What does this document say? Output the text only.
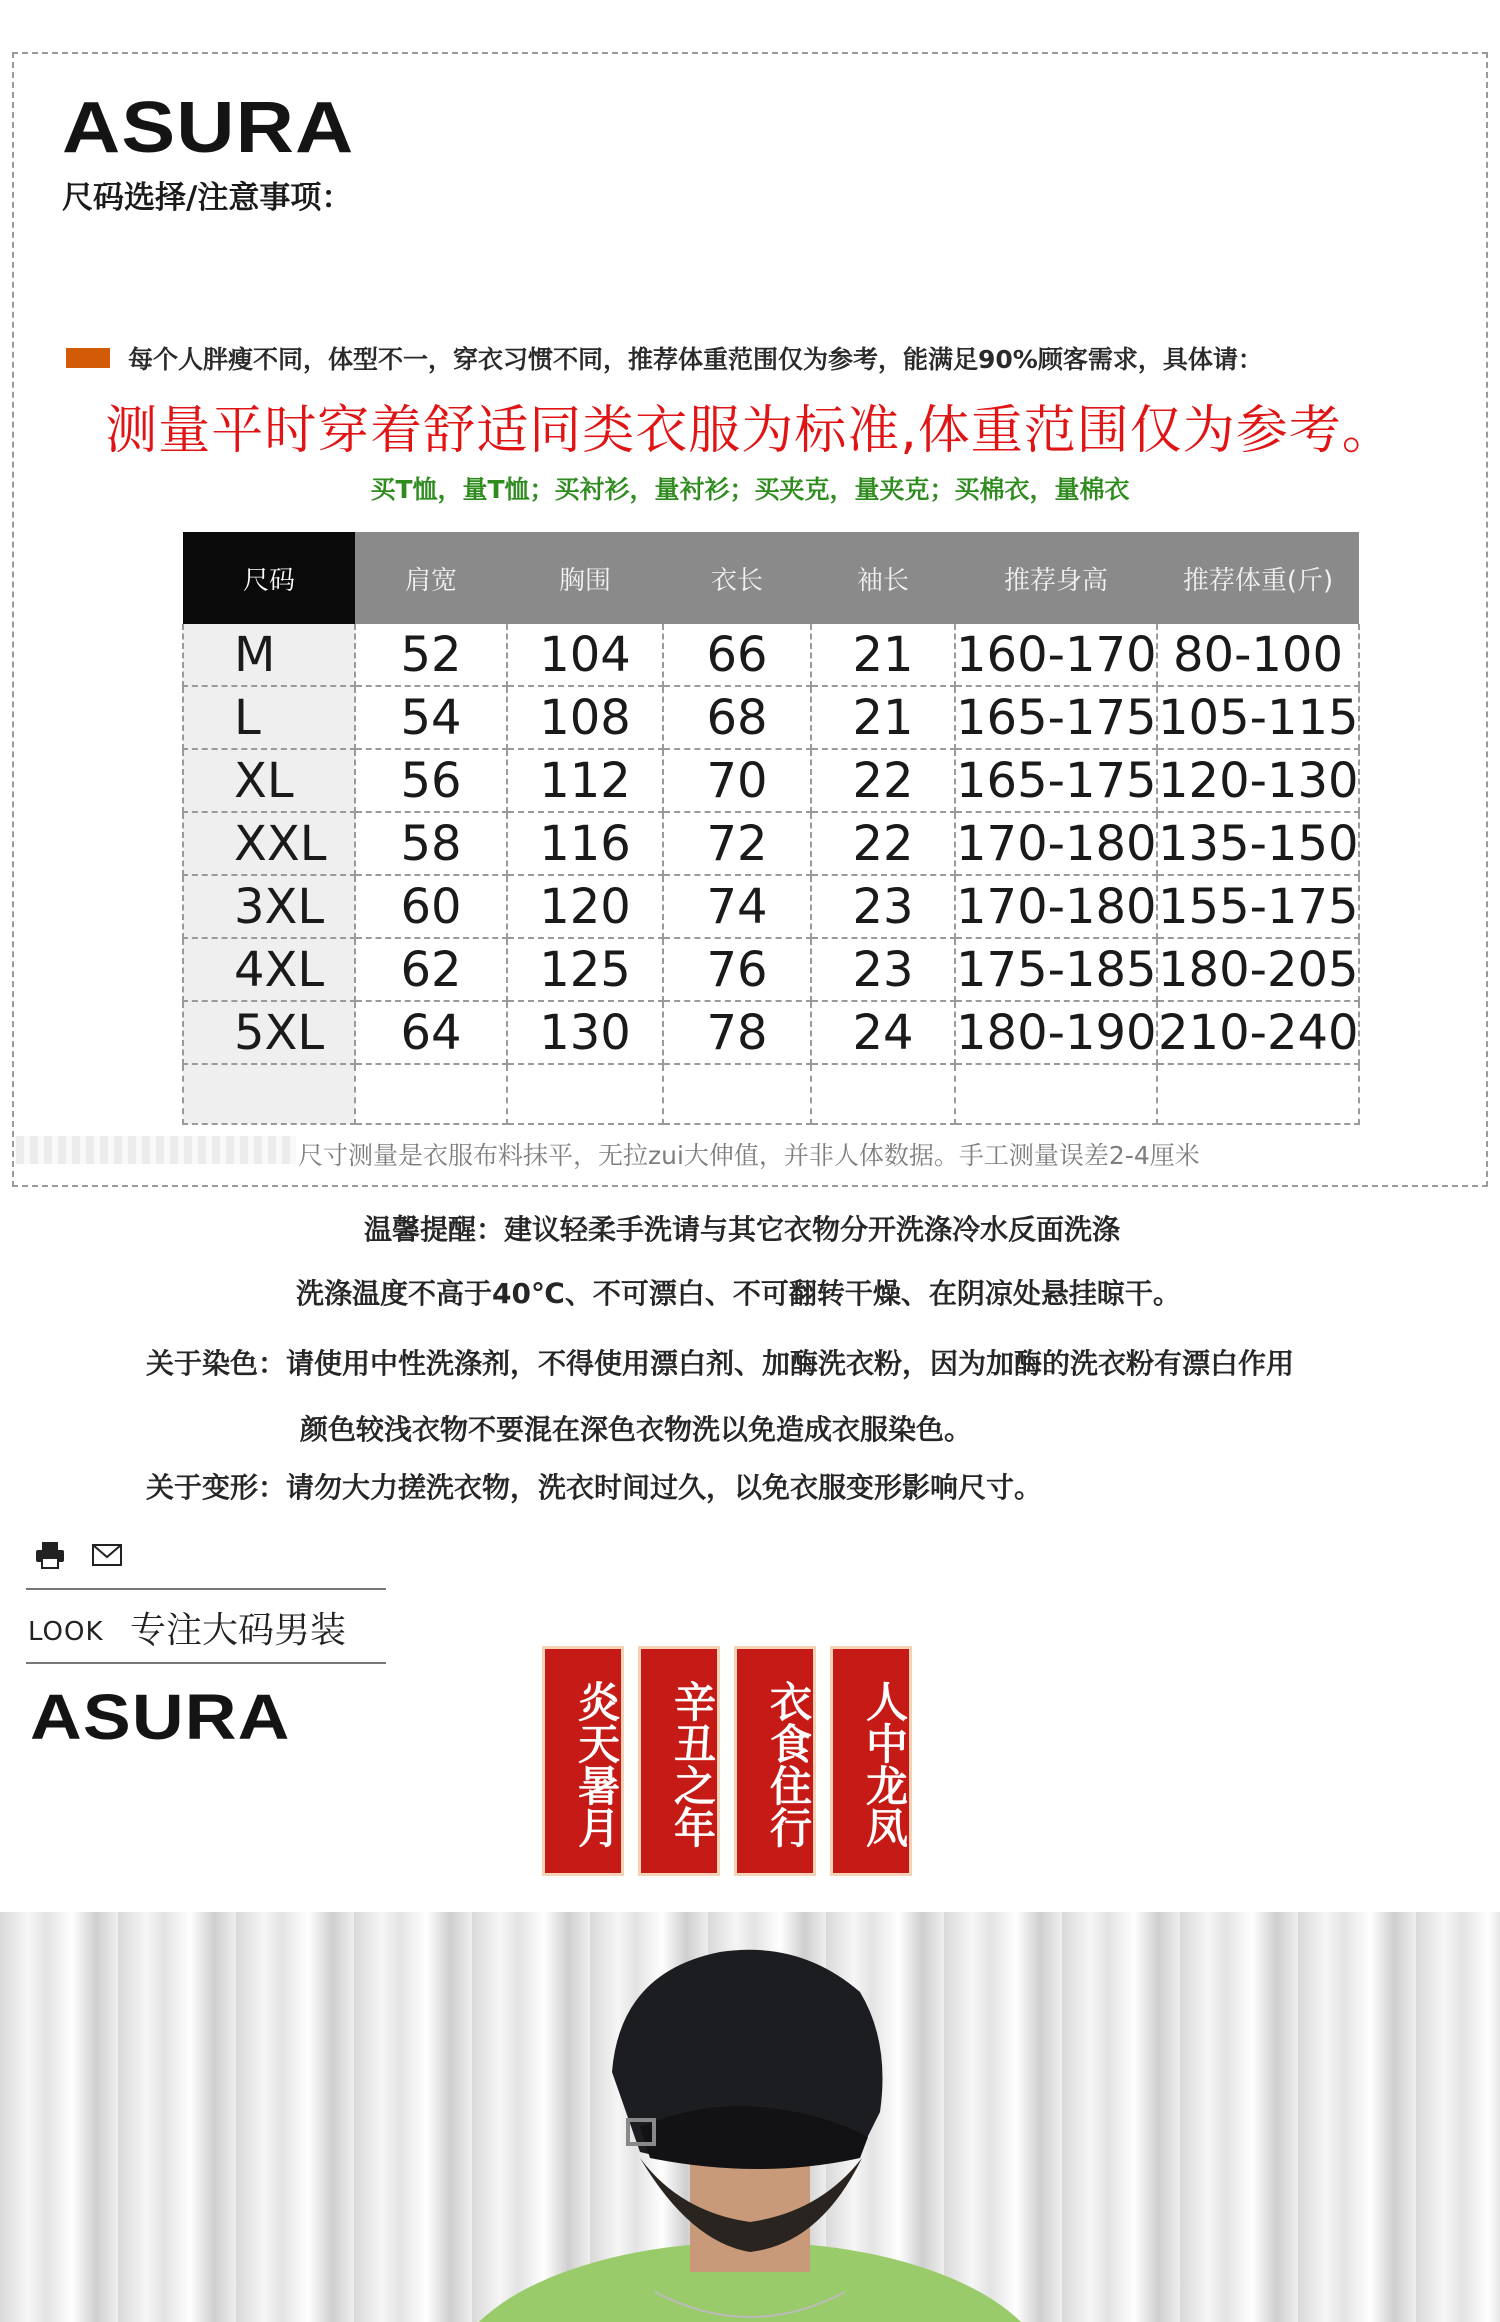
ASURA
尺码选择/注意事项：
每个人胖瘦不同，体型不一，穿衣习惯不同，推荐体重范围仅为参考，能满足90%顾客需求，具体请：
测量平时穿着舒适同类衣服为标准,体重范围仅为参考。
买T恤，量T恤；买衬衫，量衬衫；买夹克，量夹克；买棉衣，量棉衣
尺码	肩宽	胸围	衣长	袖长	推荐身高	推荐体重(斤)
M	52	104	66	21	160-170	80-100
L	54	108	68	21	165-175	105-115
XL	56	112	70	22	165-175	120-130
XXL	58	116	72	22	170-180	135-150
3XL	60	120	74	23	170-180	155-175
4XL	62	125	76	23	175-185	180-205
5XL	64	130	78	24	180-190	210-240

尺寸测量是衣服布料抹平，无拉zui大伸值，并非人体数据。手工测量误差2-4厘米
温馨提醒：建议轻柔手洗请与其它衣物分开洗涤冷水反面洗涤
洗涤温度不高于40℃、不可漂白、不可翻转干燥、在阴凉处悬挂晾干。
关于染色：请使用中性洗涤剂，不得使用漂白剂、加酶洗衣粉，因为加酶的洗衣粉有漂白作用
颜色较浅衣物不要混在深色衣物洗以免造成衣服染色。
关于变形：请勿大力搓洗衣物，洗衣时间过久，以免衣服变形影响尺寸。
LOOK 专注大码男装
ASURA	炎天暑月	辛丑之年	衣食住行	人中龙凤
